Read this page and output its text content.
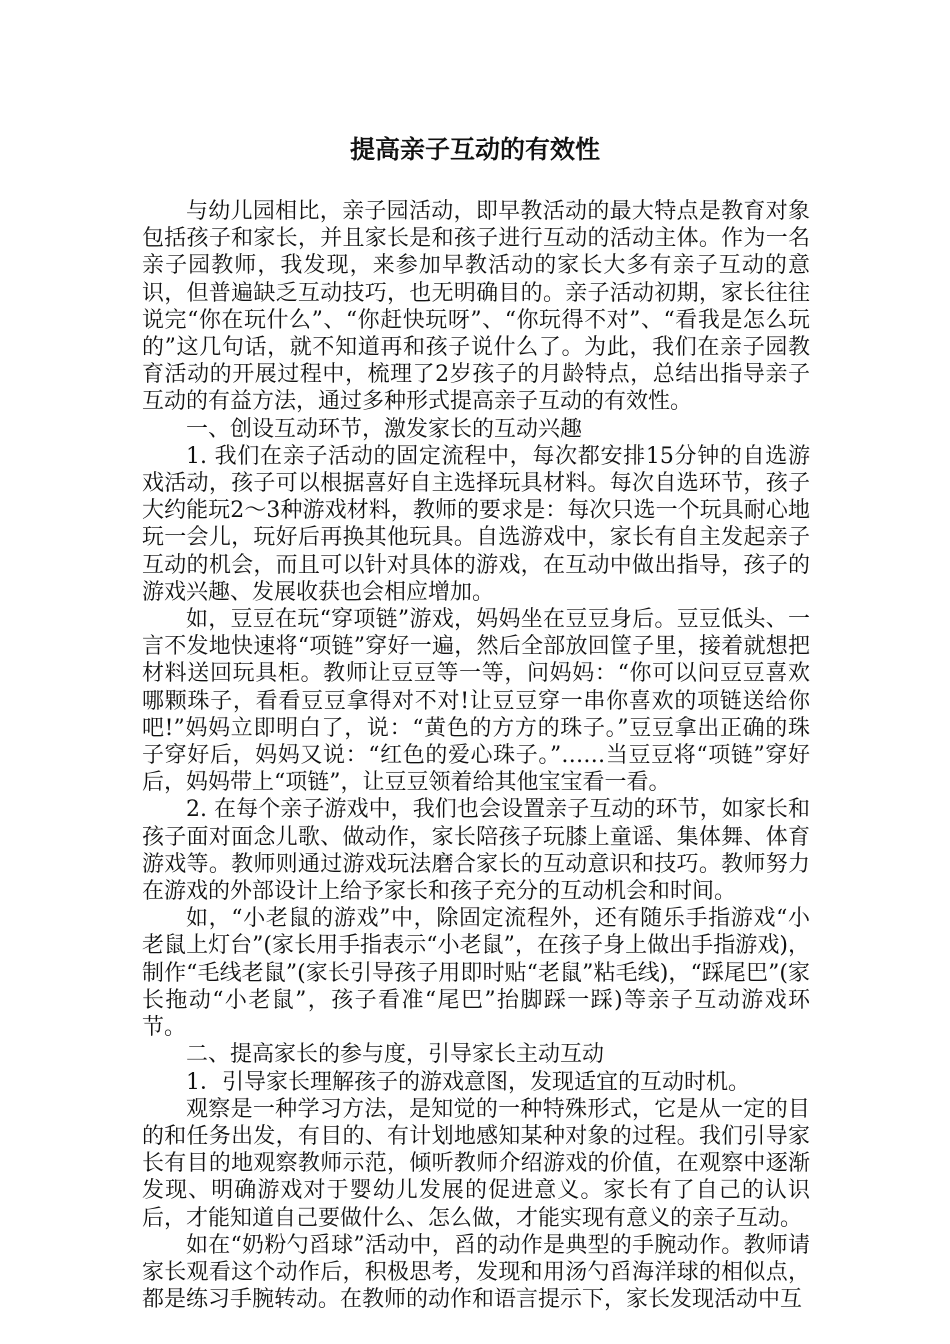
提高亲子互动的有效性

与幼儿园相比，亲子园活动，即早教活动的最大特点是教育对象包括孩子和家长，并且家长是和孩子进行互动的活动主体。作为一名亲子园教师，我发现，来参加早教活动的家长大多有亲子互动的意识，但普遍缺乏互动技巧，也无明确目的。亲子活动初期，家长往往说完“你在玩什么”、“你赶快玩呀”、“你玩得不对”、“看我是怎么玩的”这几句话，就不知道再和孩子说什么了。为此，我们在亲子园教育活动的开展过程中，梳理了2岁孩子的月龄特点，总结出指导亲子互动的有益方法，通过多种形式提高亲子互动的有效性。

一、创设互动环节，激发家长的互动兴趣

1. 我们在亲子活动的固定流程中，每次都安排15分钟的自选游戏活动，孩子可以根据喜好自主选择玩具材料。每次自选环节，孩子大约能玩2～3种游戏材料，教师的要求是：每次只选一个玩具耐心地玩一会儿，玩好后再换其他玩具。自选游戏中，家长有自主发起亲子互动的机会，而且可以针对具体的游戏，在互动中做出指导，孩子的游戏兴趣、发展收获也会相应增加。

如，豆豆在玩“穿项链”游戏，妈妈坐在豆豆身后。豆豆低头、一言不发地快速将“项链”穿好一遍，然后全部放回筐子里，接着就想把材料送回玩具柜。教师让豆豆等一等，问妈妈：“你可以问豆豆喜欢哪颗珠子，看看豆豆拿得对不对!让豆豆穿一串你喜欢的项链送给你吧!”妈妈立即明白了，说：“黄色的方方的珠子。”豆豆拿出正确的珠子穿好后，妈妈又说：“红色的爱心珠子。”……当豆豆将“项链”穿好后，妈妈带上“项链”，让豆豆领着给其他宝宝看一看。

2. 在每个亲子游戏中，我们也会设置亲子互动的环节，如家长和孩子面对面念儿歌、做动作，家长陪孩子玩膝上童谣、集体舞、体育游戏等。教师则通过游戏玩法磨合家长的互动意识和技巧。教师努力在游戏的外部设计上给予家长和孩子充分的互动机会和时间。

如，“小老鼠的游戏”中，除固定流程外，还有随乐手指游戏“小老鼠上灯台”(家长用手指表示“小老鼠”，在孩子身上做出手指游戏)，制作“毛线老鼠”(家长引导孩子用即时贴“老鼠”粘毛线)，“踩尾巴”(家长拖动“小老鼠”，孩子看准“尾巴”抬脚踩一踩)等亲子互动游戏环节。

二、提高家长的参与度，引导家长主动互动

1．引导家长理解孩子的游戏意图，发现适宜的互动时机。

观察是一种学习方法，是知觉的一种特殊形式，它是从一定的目的和任务出发，有目的、有计划地感知某种对象的过程。我们引导家长有目的地观察教师示范，倾听教师介绍游戏的价值，在观察中逐渐发现、明确游戏对于婴幼儿发展的促进意义。家长有了自己的认识后，才能知道自己要做什么、怎么做，才能实现有意义的亲子互动。

如在“奶粉勺舀球”活动中，舀的动作是典型的手腕动作。教师请家长观看这个动作后，积极思考，发现和用汤勺舀海洋球的相似点，都是练习手腕转动。在教师的动作和语言提示下，家长发现活动中互
